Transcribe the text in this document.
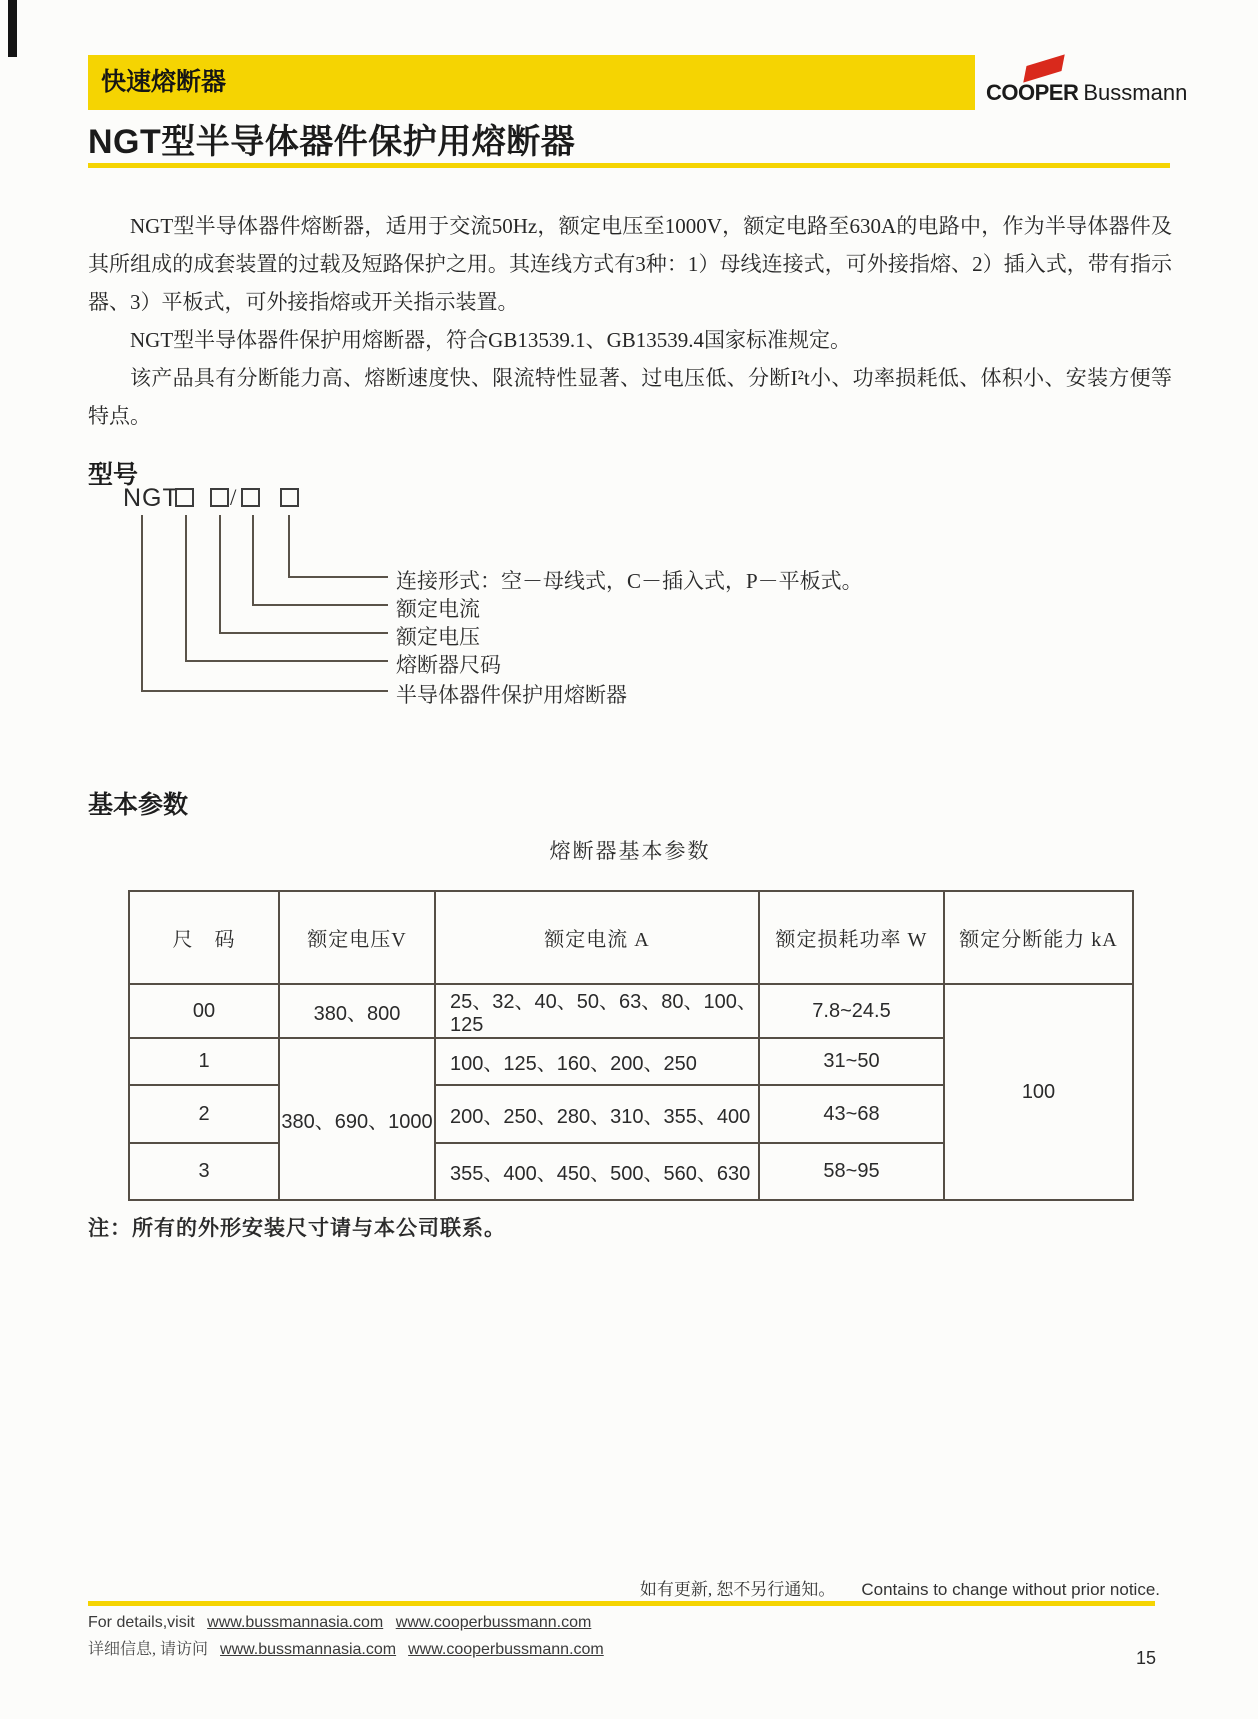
快速熔断器	COOPER Bussmann
NGT型半导体器件保护用熔断器

NGT型半导体器件熔断器，适用于交流50Hz，额定电压至1000V，额定电路至630A的电路中，作为半导体器件及其所组成的成套装置的过载及短路保护之用。其连线方式有3种：1）母线连接式，可外接指熔、2）插入式，带有指示器、3）平板式，可外接指熔或开关指示装置。

NGT型半导体器件保护用熔断器，符合GB13539.1、GB13539.4国家标准规定。

该产品具有分断能力高、熔断速度快、限流特性显著、过电压低、分断I²t小、功率损耗低、体积小、安装方便等特点。

型号
NGT /
连接形式：空－母线式，C－插入式，P－平板式。
额定电流
额定电压
熔断器尺码
半导体器件保护用熔断器
基本参数
熔断器基本参数
尺　码	额定电压V	额定电流 A	额定损耗功率 W	额定分断能力 kA
00	380、800	25、32、40、50、63、80、100、125	7.8~24.5	100
1	380、690、1000	100、125、160、200、250	31~50	
2		200、250、280、310、355、400	43~68	
3		355、400、450、500、560、630	58~95	
注：所有的外形安装尺寸请与本公司联系。
如有更新, 恕不另行通知。 Contains to change without prior notice.
For details,visit www.bussmannasia.com www.cooperbussmann.com
详细信息, 请访问 www.bussmannasia.com www.cooperbussmann.com	15
